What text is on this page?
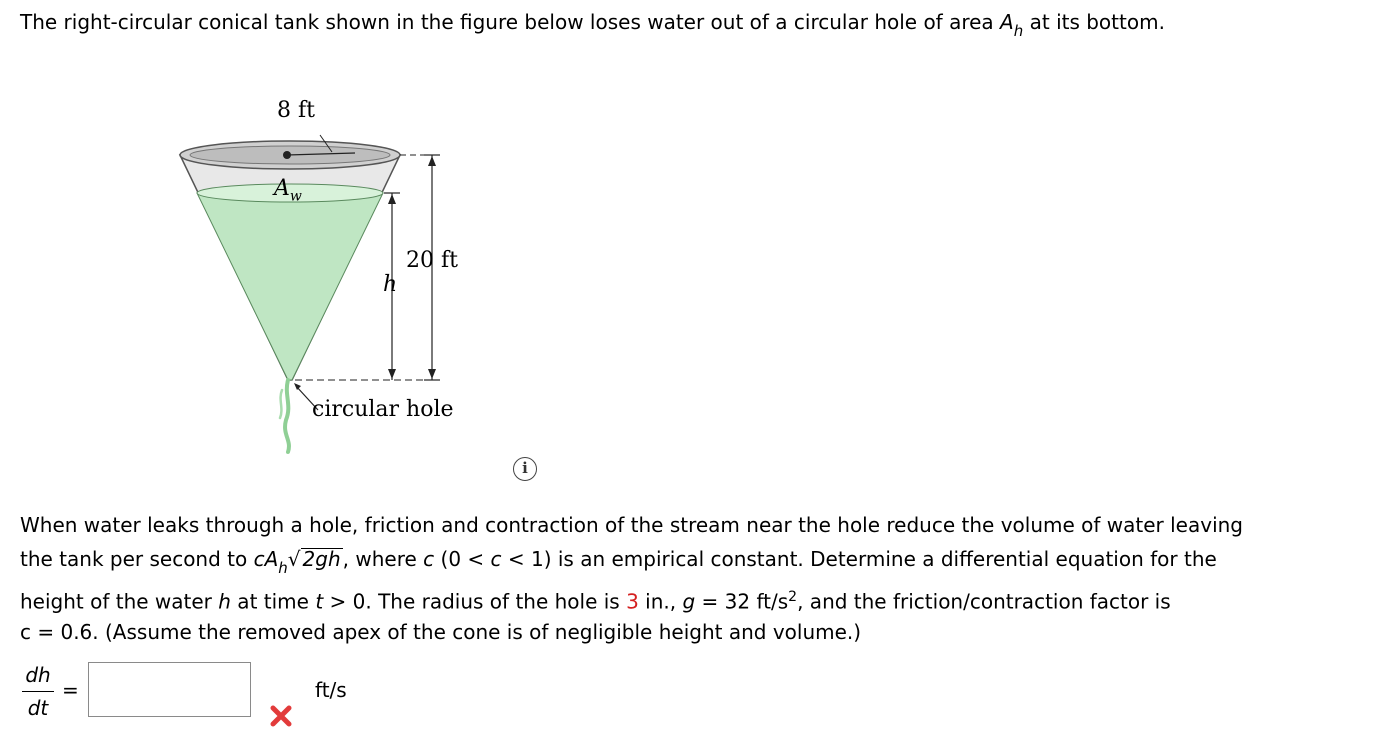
The right-circular conical tank shown in the figure below loses water out of a circular hole of area $A_h$ at its bottom.
8 ft
$A_w$
20 ft
h
circular hole
i
When water leaks through a hole, friction and contraction of the stream near the hole reduce the volume of water leaving
the tank per second to $cA_h√$ 2gh , where c (0 < c < 1) is an empirical constant. Determine a differential equation for the
height of the water h at time t > 0. The radius of the hole is 3 in., g = 32 $ft/s^2$, and the friction/contraction factor is
c = 0.6. (Assume the removed apex of the cone is of negligible height and volume.)
$\frac{dh}{dt}$ =	ft/s
